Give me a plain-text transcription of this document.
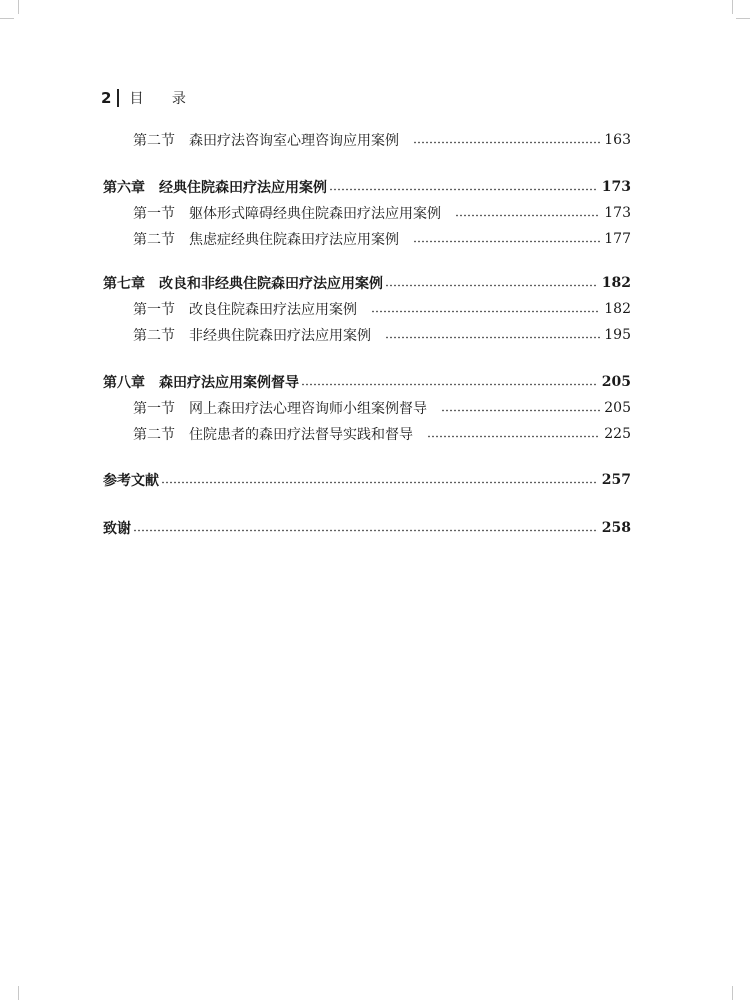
2 目 录
第二节 森田疗法咨询室心理咨询应用案例	163
第六章 经典住院森田疗法应用案例	173
第一节 躯体形式障碍经典住院森田疗法应用案例	173
第二节 焦虑症经典住院森田疗法应用案例	177
第七章 改良和非经典住院森田疗法应用案例	182
第一节 改良住院森田疗法应用案例	182
第二节 非经典住院森田疗法应用案例	195
第八章 森田疗法应用案例督导	205
第一节 网上森田疗法心理咨询师小组案例督导	205
第二节 住院患者的森田疗法督导实践和督导	225
参考文献	257
致谢	258
